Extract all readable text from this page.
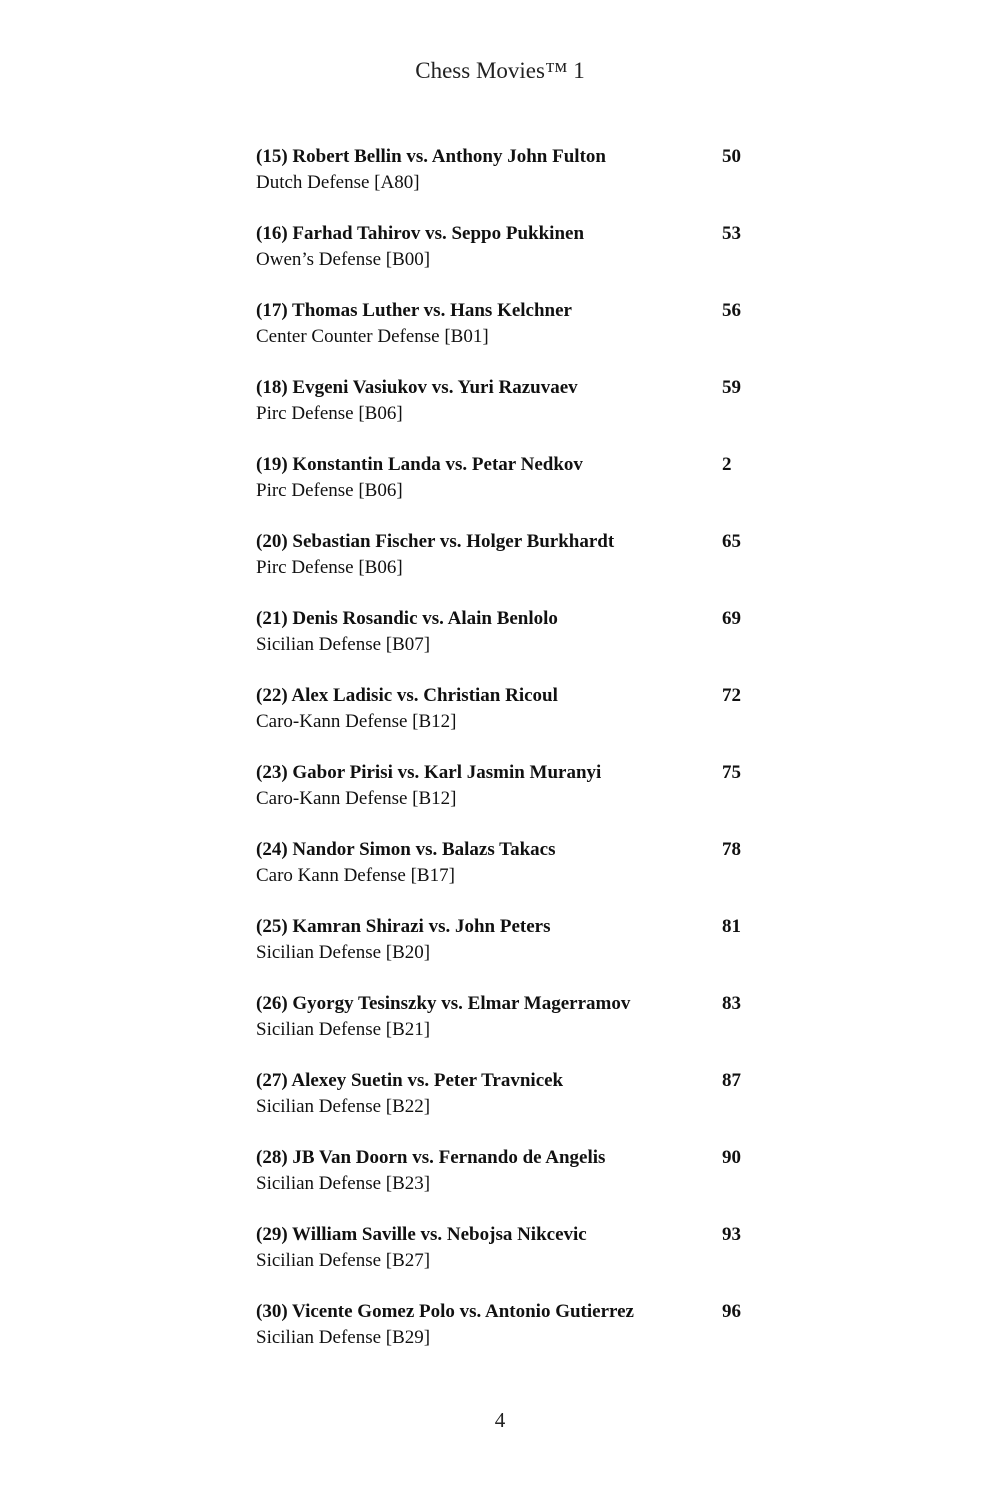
Chess Movies™ 1
(15) Robert Bellin vs. Anthony John Fulton	50
Dutch Defense [A80]
(16) Farhad Tahirov vs. Seppo Pukkinen	53
Owen’s Defense [B00]
(17) Thomas Luther vs. Hans Kelchner	56
Center Counter Defense [B01]
(18) Evgeni Vasiukov vs. Yuri Razuvaev	59
Pirc Defense [B06]
(19) Konstantin Landa vs. Petar Nedkov	2
Pirc Defense [B06]
(20) Sebastian Fischer vs. Holger Burkhardt	65
Pirc Defense [B06]
(21) Denis Rosandic vs. Alain Benlolo	69
Sicilian Defense [B07]
(22) Alex Ladisic vs. Christian Ricoul	72
Caro-Kann Defense [B12]
(23) Gabor Pirisi vs. Karl Jasmin Muranyi	75
Caro-Kann Defense [B12]
(24) Nandor Simon vs. Balazs Takacs	78
Caro Kann Defense [B17]
(25) Kamran Shirazi vs. John Peters	81
Sicilian Defense [B20]
(26) Gyorgy Tesinszky vs. Elmar Magerramov	83
Sicilian Defense [B21]
(27) Alexey Suetin vs. Peter Travnicek	87
Sicilian Defense [B22]
(28) JB Van Doorn vs. Fernando de Angelis	90
Sicilian Defense [B23]
(29) William Saville vs. Nebojsa Nikcevic	93
Sicilian Defense [B27]
(30) Vicente Gomez Polo vs. Antonio Gutierrez	96
Sicilian Defense [B29]
4
